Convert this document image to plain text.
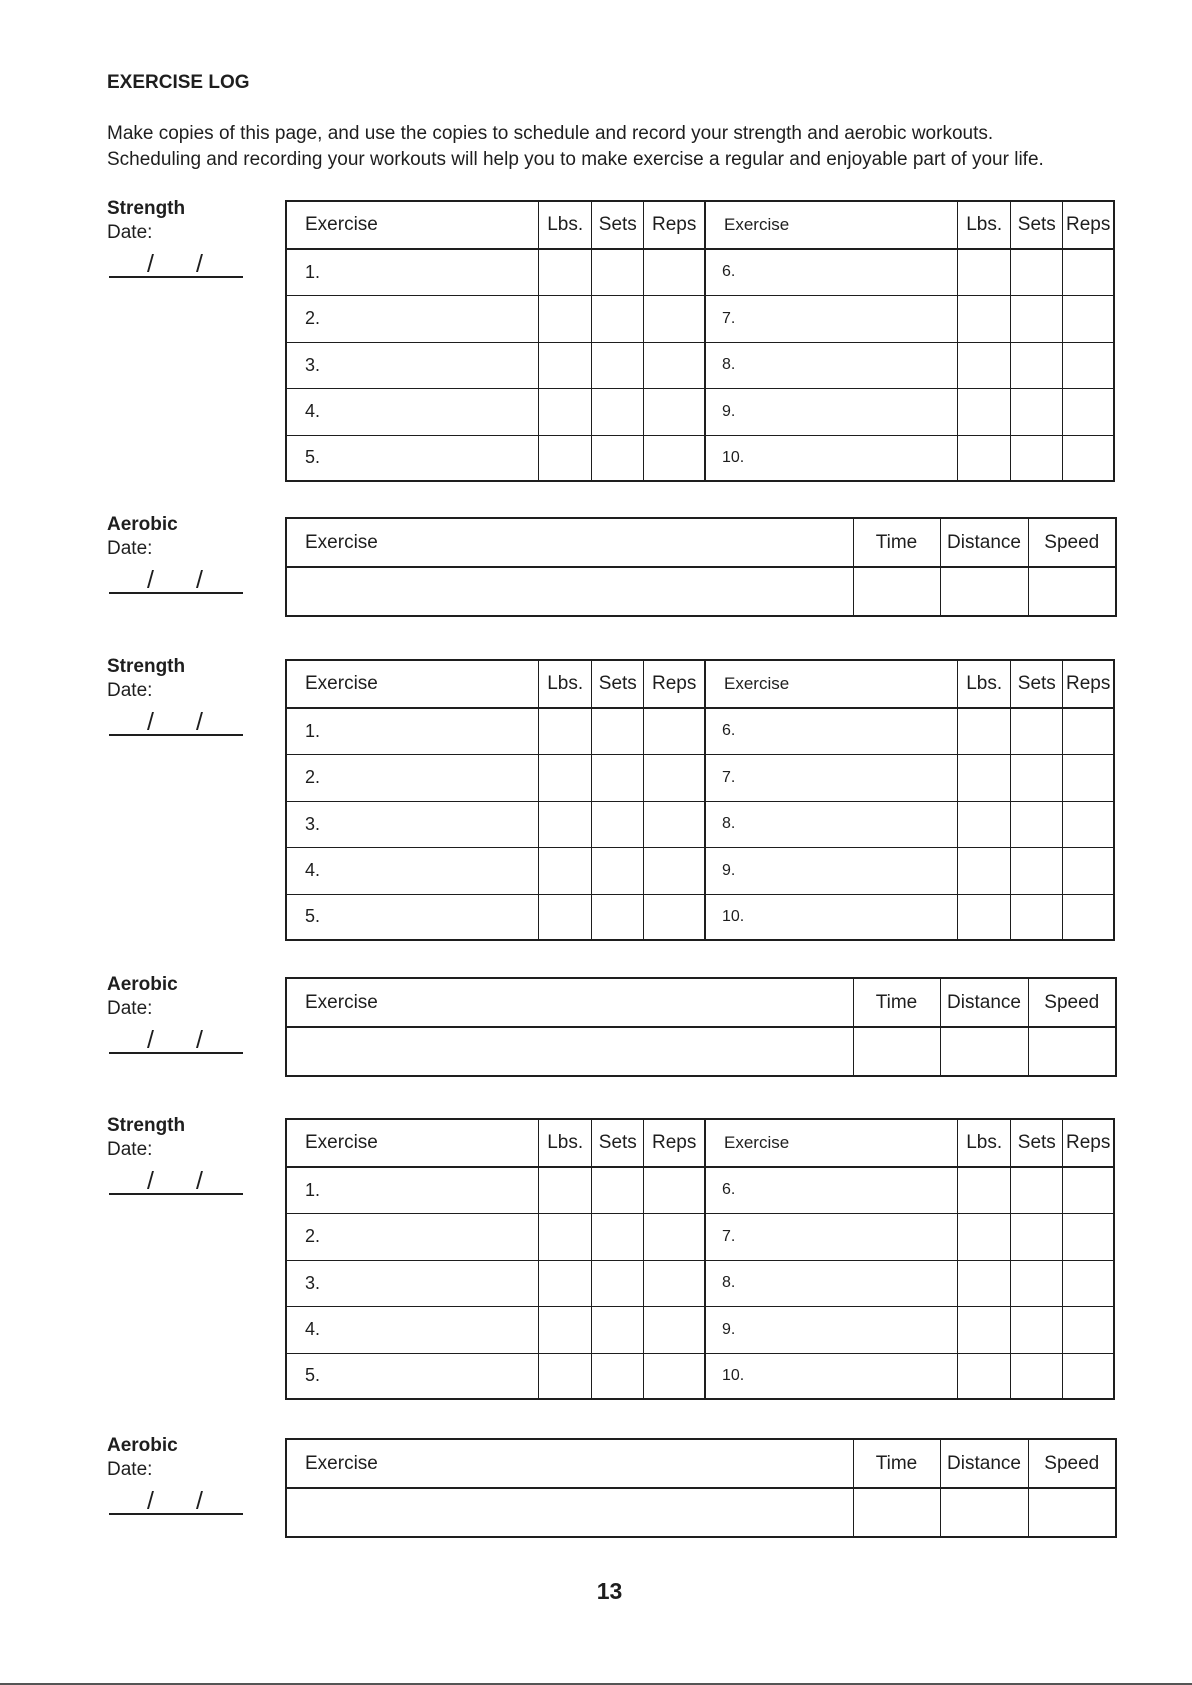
EXERCISE LOG
Make copies of this page, and use the copies to schedule and record your strength and aerobic workouts.
Scheduling and recording your workouts will help you to make exercise a regular and enjoyable part of your life.
Strength
Date:
/ /
Exercise	Lbs.	Sets	Reps	Exercise	Lbs.	Sets	Reps
1.				6.			
2.				7.			
3.				8.			
4.				9.			
5.				10.			
Aerobic
Date:
/ /
Exercise	Time	Distance	Speed

Strength
Date:
/ /
Exercise	Lbs.	Sets	Reps	Exercise	Lbs.	Sets	Reps
1.				6.			
2.				7.			
3.				8.			
4.				9.			
5.				10.			
Aerobic
Date:
/ /
Exercise	Time	Distance	Speed

Strength
Date:
/ /
Exercise	Lbs.	Sets	Reps	Exercise	Lbs.	Sets	Reps
1.				6.			
2.				7.			
3.				8.			
4.				9.			
5.				10.			
Aerobic
Date:
/ /
Exercise	Time	Distance	Speed

13
